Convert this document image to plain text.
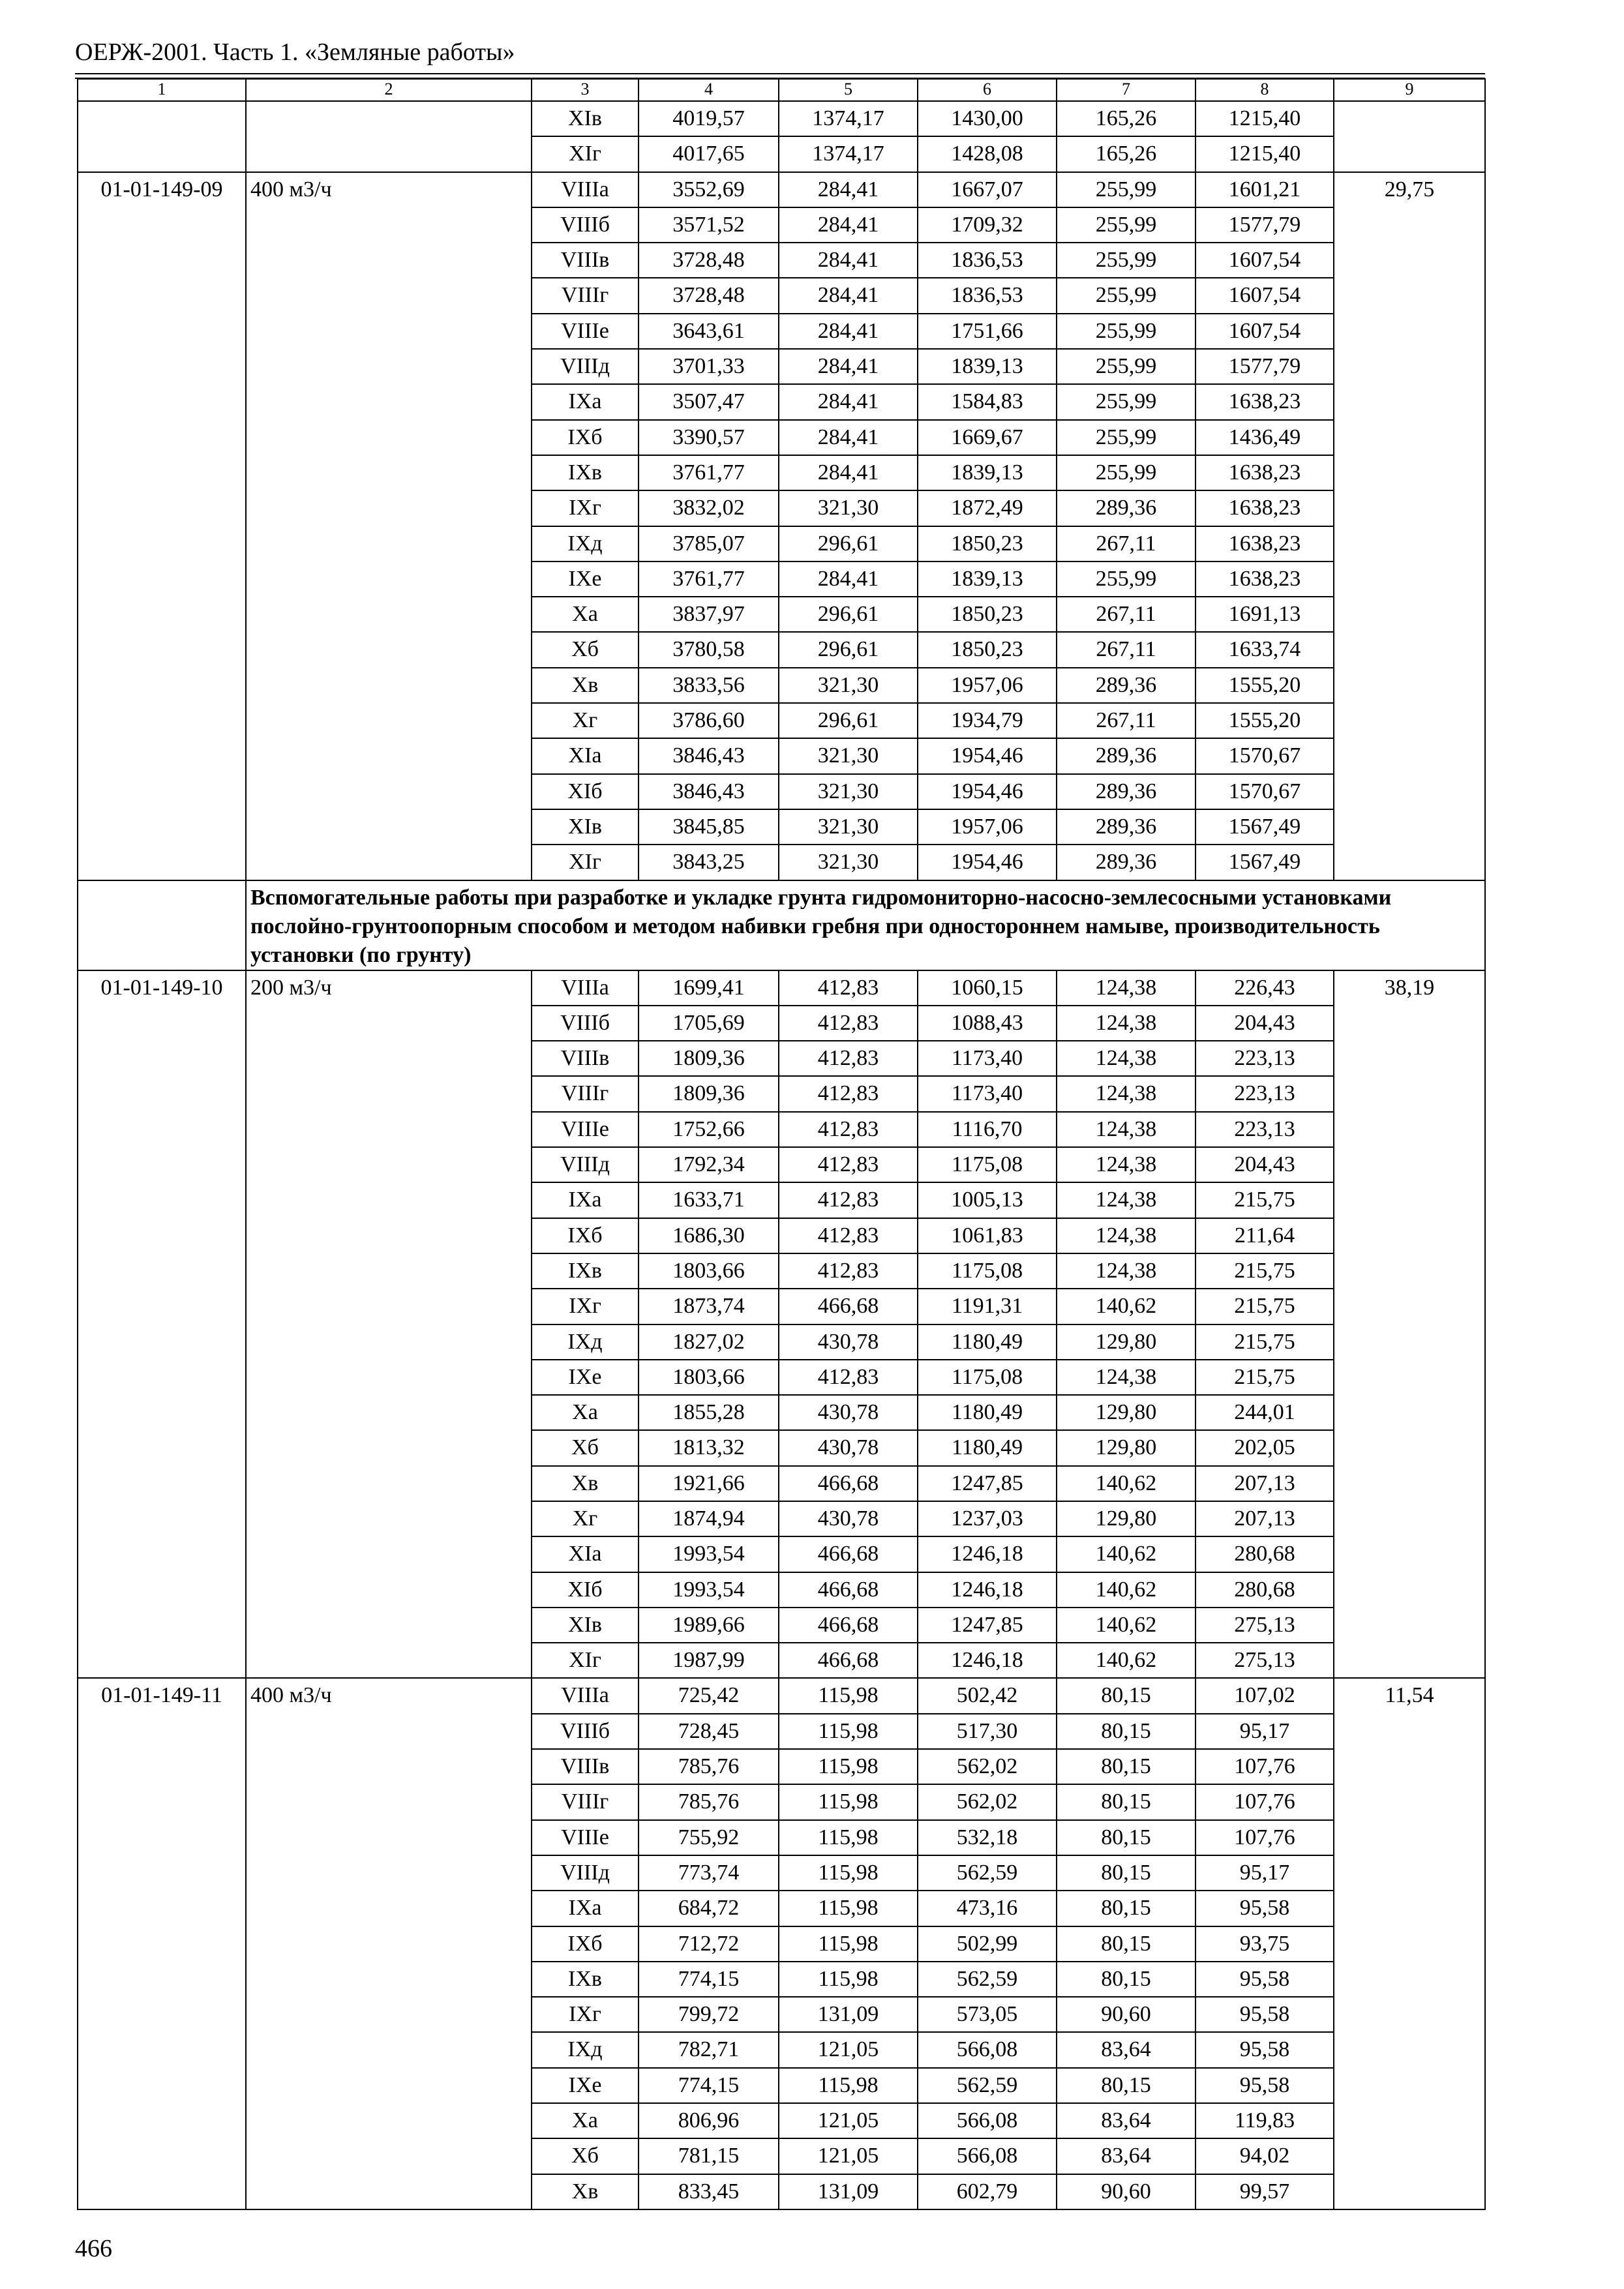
ОЕРЖ-2001. Часть 1. «Земляные работы»
1	2	3	4	5	6	7	8	9
		XIв	4019,57	1374,17	1430,00	165,26	1215,40	
		XIг	4017,65	1374,17	1428,08	165,26	1215,40	
01-01-149-09	400 м3/ч	VIIIа	3552,69	284,41	1667,07	255,99	1601,21	29,75
		VIIIб	3571,52	284,41	1709,32	255,99	1577,79	
		VIIIв	3728,48	284,41	1836,53	255,99	1607,54	
		VIIIг	3728,48	284,41	1836,53	255,99	1607,54	
		VIIIе	3643,61	284,41	1751,66	255,99	1607,54	
		VIIIд	3701,33	284,41	1839,13	255,99	1577,79	
		IXа	3507,47	284,41	1584,83	255,99	1638,23	
		IXб	3390,57	284,41	1669,67	255,99	1436,49	
		IXв	3761,77	284,41	1839,13	255,99	1638,23	
		IXг	3832,02	321,30	1872,49	289,36	1638,23	
		IXд	3785,07	296,61	1850,23	267,11	1638,23	
		IXе	3761,77	284,41	1839,13	255,99	1638,23	
		Xа	3837,97	296,61	1850,23	267,11	1691,13	
		Xб	3780,58	296,61	1850,23	267,11	1633,74	
		Xв	3833,56	321,30	1957,06	289,36	1555,20	
		Xг	3786,60	296,61	1934,79	267,11	1555,20	
		XIа	3846,43	321,30	1954,46	289,36	1570,67	
		XIб	3846,43	321,30	1954,46	289,36	1570,67	
		XIв	3845,85	321,30	1957,06	289,36	1567,49	
		XIг	3843,25	321,30	1954,46	289,36	1567,49	
	Вспомогательные работы при разработке и укладке грунта гидромониторно-насосно-землесосными установками послойно-грунтоопорным способом и методом набивки гребня при одностороннем намыве, производительность установки (по грунту)							
01-01-149-10	200 м3/ч	VIIIа	1699,41	412,83	1060,15	124,38	226,43	38,19
		VIIIб	1705,69	412,83	1088,43	124,38	204,43	
		VIIIв	1809,36	412,83	1173,40	124,38	223,13	
		VIIIг	1809,36	412,83	1173,40	124,38	223,13	
		VIIIе	1752,66	412,83	1116,70	124,38	223,13	
		VIIIд	1792,34	412,83	1175,08	124,38	204,43	
		IXа	1633,71	412,83	1005,13	124,38	215,75	
		IXб	1686,30	412,83	1061,83	124,38	211,64	
		IXв	1803,66	412,83	1175,08	124,38	215,75	
		IXг	1873,74	466,68	1191,31	140,62	215,75	
		IXд	1827,02	430,78	1180,49	129,80	215,75	
		IXе	1803,66	412,83	1175,08	124,38	215,75	
		Xа	1855,28	430,78	1180,49	129,80	244,01	
		Xб	1813,32	430,78	1180,49	129,80	202,05	
		Xв	1921,66	466,68	1247,85	140,62	207,13	
		Xг	1874,94	430,78	1237,03	129,80	207,13	
		XIа	1993,54	466,68	1246,18	140,62	280,68	
		XIб	1993,54	466,68	1246,18	140,62	280,68	
		XIв	1989,66	466,68	1247,85	140,62	275,13	
		XIг	1987,99	466,68	1246,18	140,62	275,13	
01-01-149-11	400 м3/ч	VIIIа	725,42	115,98	502,42	80,15	107,02	11,54
		VIIIб	728,45	115,98	517,30	80,15	95,17	
		VIIIв	785,76	115,98	562,02	80,15	107,76	
		VIIIг	785,76	115,98	562,02	80,15	107,76	
		VIIIе	755,92	115,98	532,18	80,15	107,76	
		VIIIд	773,74	115,98	562,59	80,15	95,17	
		IXа	684,72	115,98	473,16	80,15	95,58	
		IXб	712,72	115,98	502,99	80,15	93,75	
		IXв	774,15	115,98	562,59	80,15	95,58	
		IXг	799,72	131,09	573,05	90,60	95,58	
		IXд	782,71	121,05	566,08	83,64	95,58	
		IXе	774,15	115,98	562,59	80,15	95,58	
		Xа	806,96	121,05	566,08	83,64	119,83	
		Xб	781,15	121,05	566,08	83,64	94,02	
		Xв	833,45	131,09	602,79	90,60	99,57	
466
